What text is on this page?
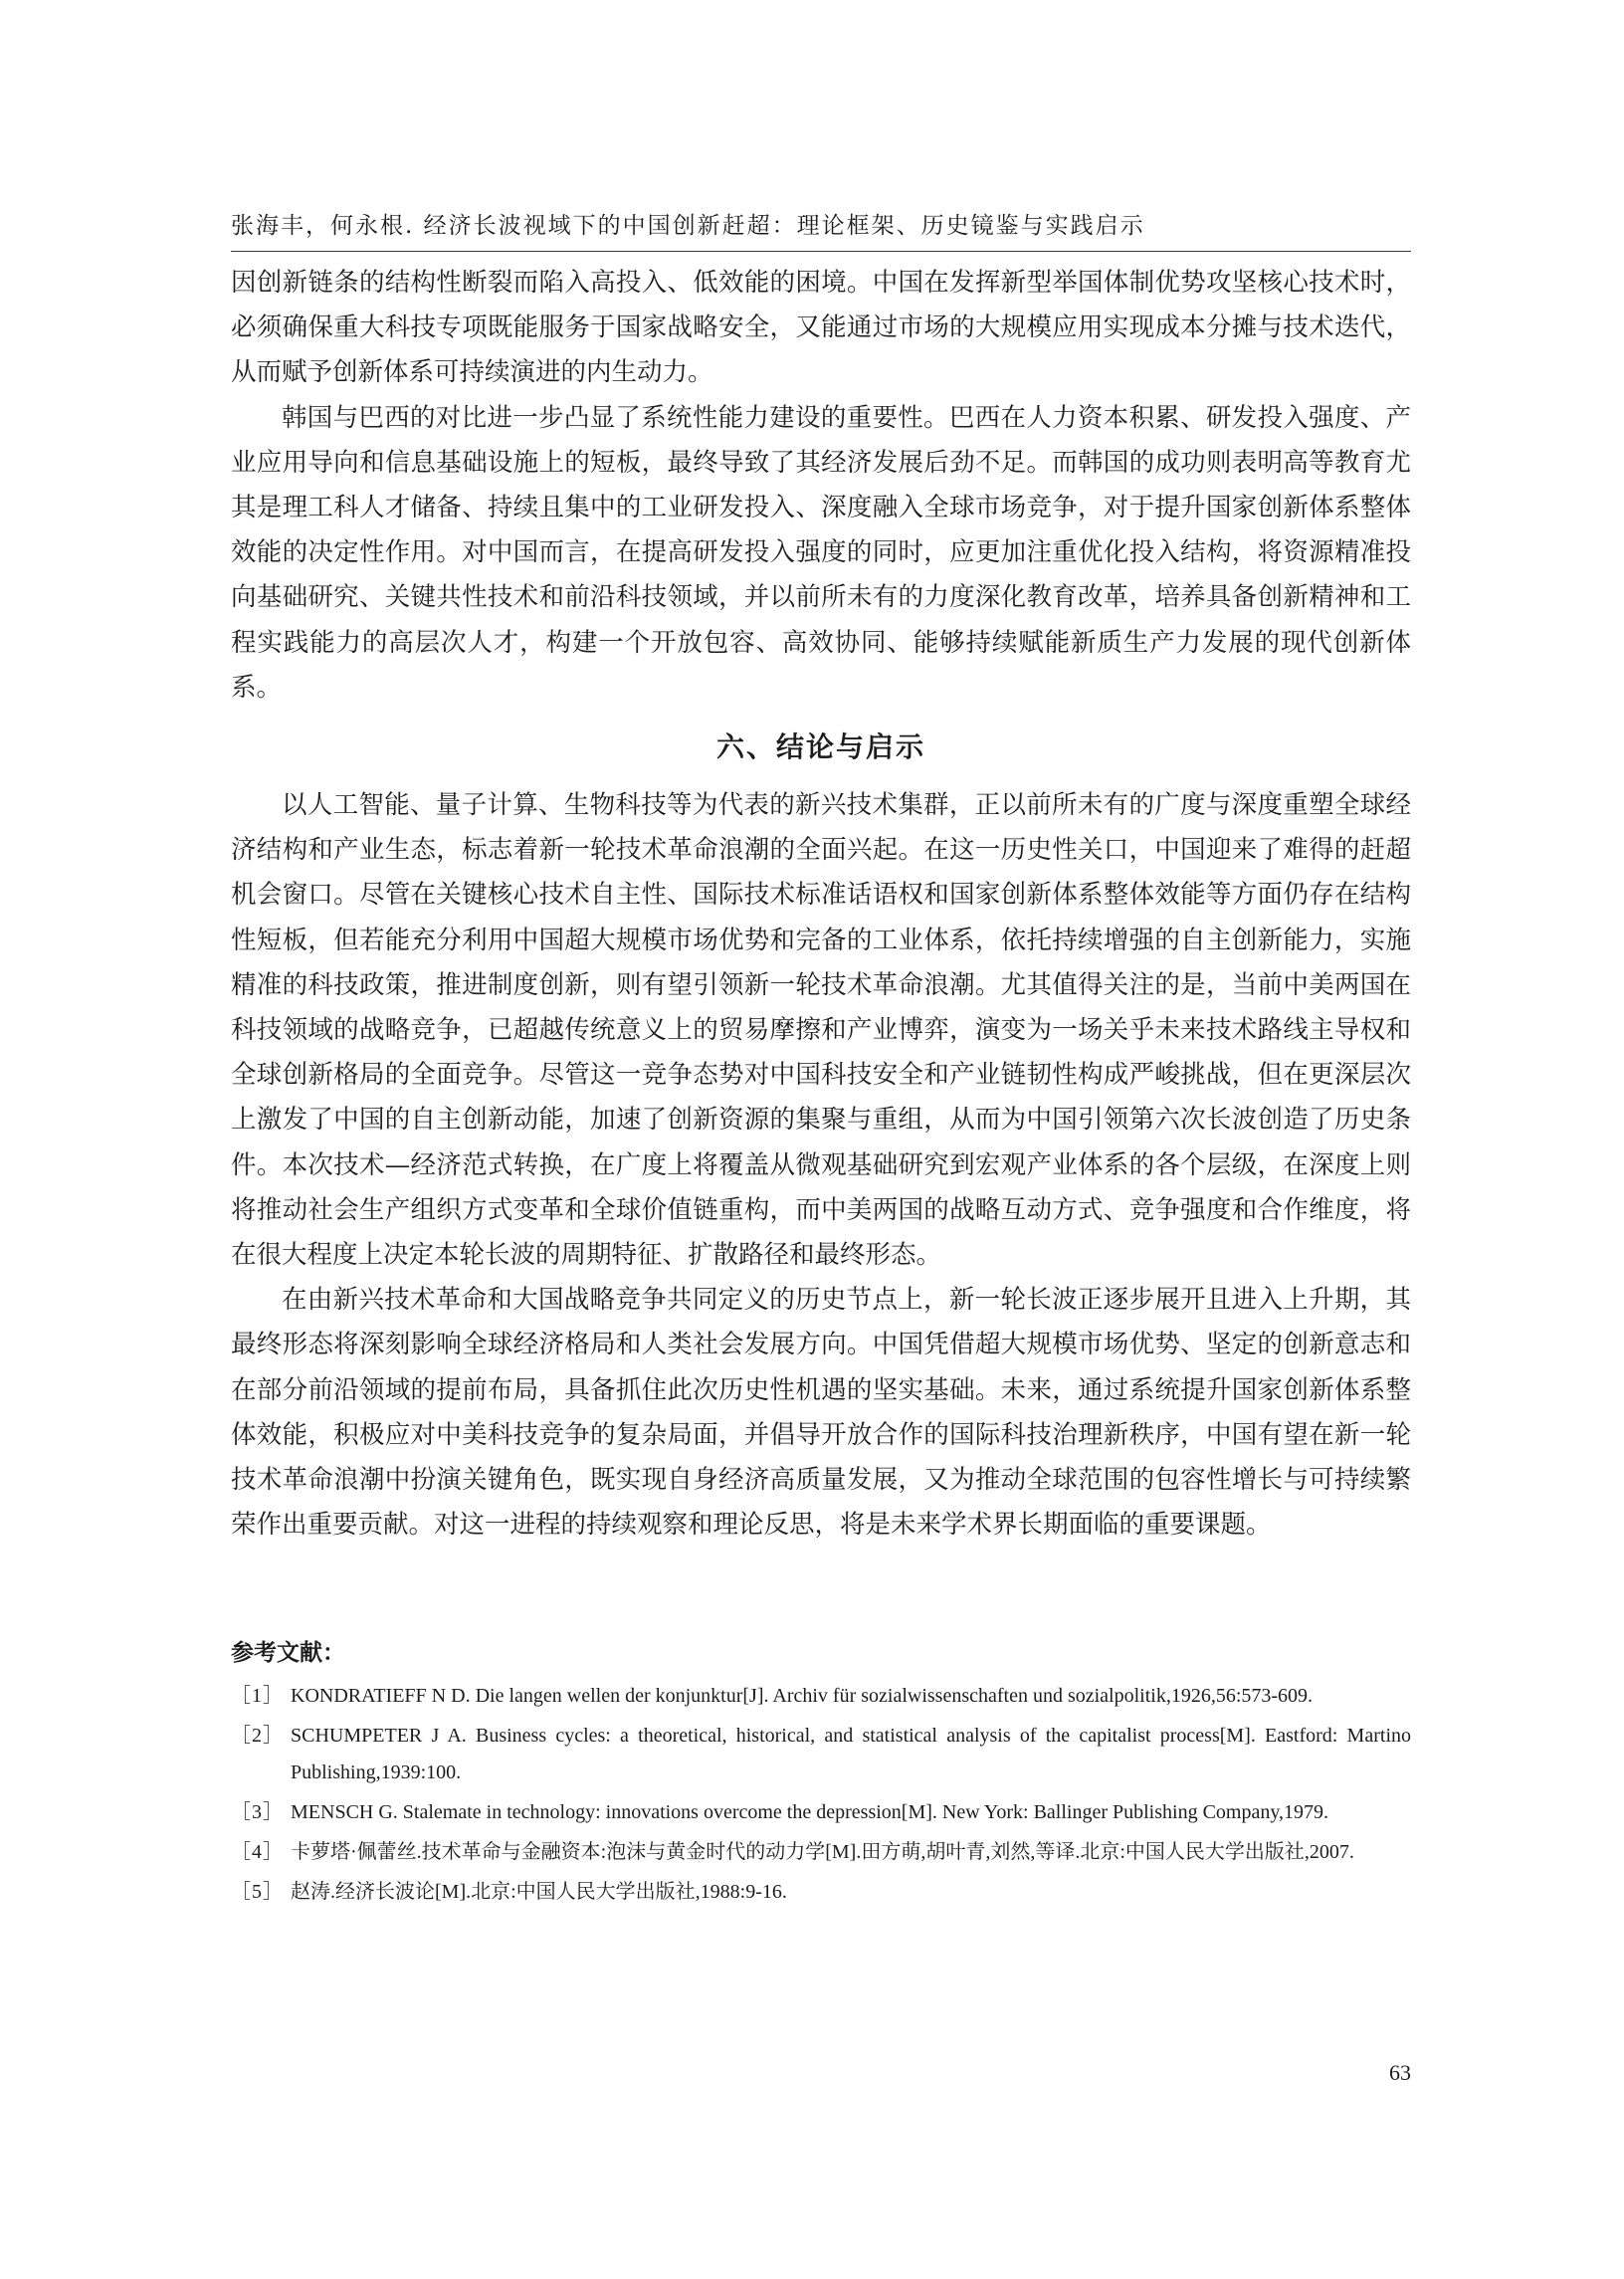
张海丰，何永根. 经济长波视域下的中国创新赶超：理论框架、历史镜鉴与实践启示

因创新链条的结构性断裂而陷入高投入、低效能的困境。中国在发挥新型举国体制优势攻坚核心技术时，必须确保重大科技专项既能服务于国家战略安全，又能通过市场的大规模应用实现成本分摊与技术迭代，从而赋予创新体系可持续演进的内生动力。

韩国与巴西的对比进一步凸显了系统性能力建设的重要性。巴西在人力资本积累、研发投入强度、产业应用导向和信息基础设施上的短板，最终导致了其经济发展后劲不足。而韩国的成功则表明高等教育尤其是理工科人才储备、持续且集中的工业研发投入、深度融入全球市场竞争，对于提升国家创新体系整体效能的决定性作用。对中国而言，在提高研发投入强度的同时，应更加注重优化投入结构，将资源精准投向基础研究、关键共性技术和前沿科技领域，并以前所未有的力度深化教育改革，培养具备创新精神和工程实践能力的高层次人才，构建一个开放包容、高效协同、能够持续赋能新质生产力发展的现代创新体系。

六、结论与启示

以人工智能、量子计算、生物科技等为代表的新兴技术集群，正以前所未有的广度与深度重塑全球经济结构和产业生态，标志着新一轮技术革命浪潮的全面兴起。在这一历史性关口，中国迎来了难得的赶超机会窗口。尽管在关键核心技术自主性、国际技术标准话语权和国家创新体系整体效能等方面仍存在结构性短板，但若能充分利用中国超大规模市场优势和完备的工业体系，依托持续增强的自主创新能力，实施精准的科技政策，推进制度创新，则有望引领新一轮技术革命浪潮。尤其值得关注的是，当前中美两国在科技领域的战略竞争，已超越传统意义上的贸易摩擦和产业博弈，演变为一场关乎未来技术路线主导权和全球创新格局的全面竞争。尽管这一竞争态势对中国科技安全和产业链韧性构成严峻挑战，但在更深层次上激发了中国的自主创新动能，加速了创新资源的集聚与重组，从而为中国引领第六次长波创造了历史条件。本次技术—经济范式转换，在广度上将覆盖从微观基础研究到宏观产业体系的各个层级，在深度上则将推动社会生产组织方式变革和全球价值链重构，而中美两国的战略互动方式、竞争强度和合作维度，将在很大程度上决定本轮长波的周期特征、扩散路径和最终形态。

在由新兴技术革命和大国战略竞争共同定义的历史节点上，新一轮长波正逐步展开且进入上升期，其最终形态将深刻影响全球经济格局和人类社会发展方向。中国凭借超大规模市场优势、坚定的创新意志和在部分前沿领域的提前布局，具备抓住此次历史性机遇的坚实基础。未来，通过系统提升国家创新体系整体效能，积极应对中美科技竞争的复杂局面，并倡导开放合作的国际科技治理新秩序，中国有望在新一轮技术革命浪潮中扮演关键角色，既实现自身经济高质量发展，又为推动全球范围的包容性增长与可持续繁荣作出重要贡献。对这一进程的持续观察和理论反思，将是未来学术界长期面临的重要课题。

参考文献：
［1］ KONDRATIEFF N D. Die langen wellen der konjunktur[J]. Archiv für sozialwissenschaften und sozialpolitik,1926,56:573-609.
［2］ SCHUMPETER J A. Business cycles: a theoretical, historical, and statistical analysis of the capitalist process[M]. Eastford: Martino Publishing,1939:100.
［3］ MENSCH G. Stalemate in technology: innovations overcome the depression[M]. New York: Ballinger Publishing Company,1979.
［4］ 卡萝塔·佩蕾丝.技术革命与金融资本:泡沫与黄金时代的动力学[M].田方萌,胡叶青,刘然,等译.北京:中国人民大学出版社,2007.
［5］ 赵涛.经济长波论[M].北京:中国人民大学出版社,1988:9-16.
63
